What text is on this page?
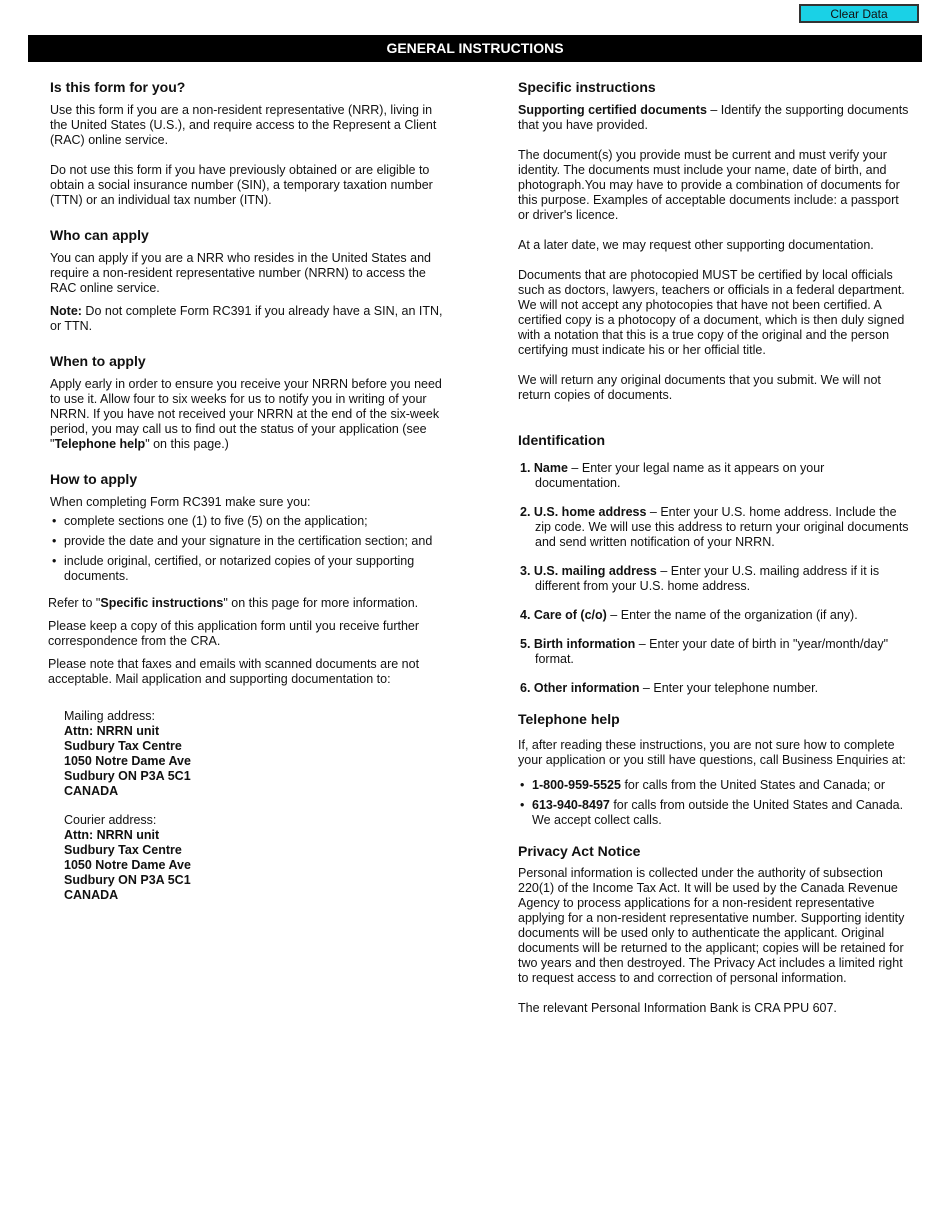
Clear Data
GENERAL INSTRUCTIONS
Is this form for you?

Use this form if you are a non-resident representative (NRR), living in the United States (U.S.), and require access to the Represent a Client (RAC) online service.

Do not use this form if you have previously obtained or are eligible to obtain a social insurance number (SIN), a temporary taxation number (TTN) or an individual tax number (ITN).

Who can apply

You can apply if you are a NRR who resides in the United States and require a non-resident representative number (NRRN) to access the RAC online service.

Note: Do not complete Form RC391 if you already have a SIN, an ITN, or TTN.

When to apply

Apply early in order to ensure you receive your NRRN before you need to use it. Allow four to six weeks for us to notify you in writing of your NRRN. If you have not received your NRRN at the end of the six-week period, you may call us to find out the status of your application (see "Telephone help" on this page.)

How to apply

When completing Form RC391 make sure you:

• complete sections one (1) to five (5) on the application;
• provide the date and your signature in the certification section; and
• include original, certified, or notarized copies of your supporting documents.

Refer to "Specific instructions" on this page for more information.

Please keep a copy of this application form until you receive further correspondence from the CRA.

Please note that faxes and emails with scanned documents are not acceptable. Mail application and supporting documentation to:

Mailing address:
Attn: NRRN unit
Sudbury Tax Centre
1050 Notre Dame Ave
Sudbury ON P3A 5C1
CANADA
Courier address:
Attn: NRRN unit
Sudbury Tax Centre
1050 Notre Dame Ave
Sudbury ON P3A 5C1
CANADA
Specific instructions

Supporting certified documents – Identify the supporting documents that you have provided.

The document(s) you provide must be current and must verify your identity. The documents must include your name, date of birth, and photograph.You may have to provide a combination of documents for this purpose. Examples of acceptable documents include: a passport or driver's licence.

At a later date, we may request other supporting documentation.

Documents that are photocopied MUST be certified by local officials such as doctors, lawyers, teachers or officials in a federal department. We will not accept any photocopies that have not been certified. A certified copy is a photocopy of a document, which is then duly signed with a notation that this is a true copy of the original and the person certifying must indicate his or her official title.

We will return any original documents that you submit. We will not return copies of documents.

Identification
1. Name – Enter your legal name as it appears on your documentation.
2. U.S. home address – Enter your U.S. home address. Include the zip code. We will use this address to return your original documents and send written notification of your NRRN.
3. U.S. mailing address – Enter your U.S. mailing address if it is different from your U.S. home address.
4. Care of (c/o) – Enter the name of the organization (if any).
5. Birth information – Enter your date of birth in "year/month/day" format.
6. Other information – Enter your telephone number.
Telephone help

If, after reading these instructions, you are not sure how to complete your application or you still have questions, call Business Enquiries at:

• 1-800-959-5525 for calls from the United States and Canada; or
• 613-940-8497 for calls from outside the United States and Canada. We accept collect calls.
Privacy Act Notice

Personal information is collected under the authority of subsection 220(1) of the Income Tax Act. It will be used by the Canada Revenue Agency to process applications for a non-resident representative applying for a non-resident representative number. Supporting identity documents will be used only to authenticate the applicant. Original documents will be returned to the applicant; copies will be retained for two years and then destroyed. The Privacy Act includes a limited right to request access to and correction of personal information.

The relevant Personal Information Bank is CRA PPU 607.
